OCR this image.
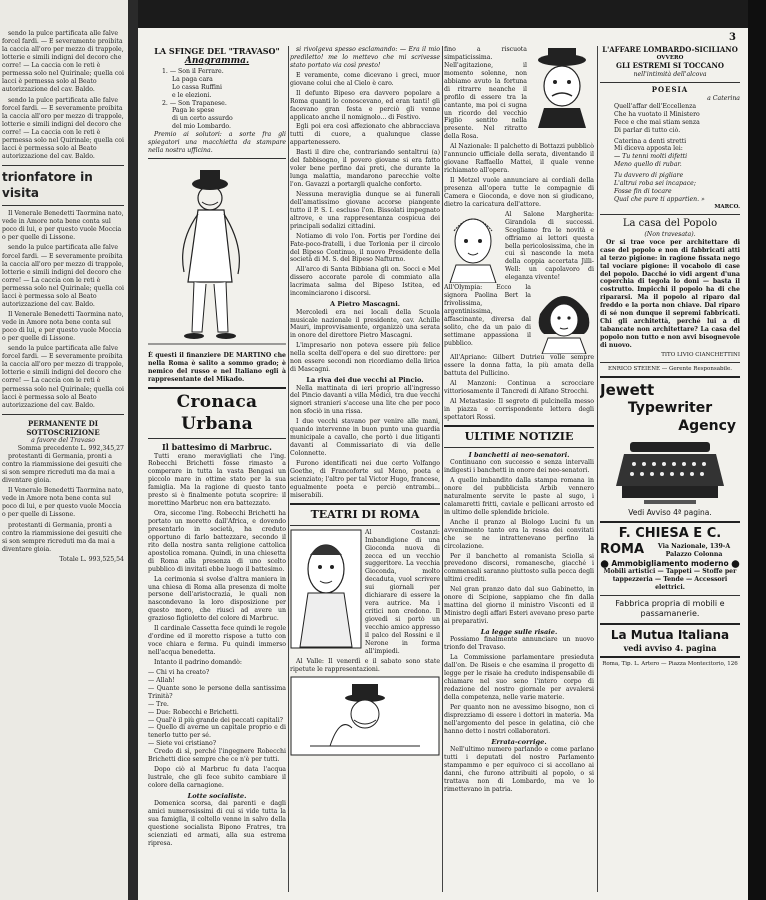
sendo la pulce partificata alle falve forcel fardi. — E severamente proibita la caccia all'oro per mezzo di trappole, lotterie e simili indigni del decoro che corre! — La caccia con le reti è permessa solo nel Quirinale; quella coi lacci è permessa solo al Beato autorizzazione del cav. Baldo.

sendo la pulce partificata alle falve forcel fardi. — E severamente proibita la caccia all'oro per mezzo di trappole, lotterie e simili indigni del decoro che corre! — La caccia con le reti è permessa solo nel Quirinale; quella coi lacci è permessa solo al Beato autorizzazione del cav. Baldo.

trionfatore in visita

Il Venerale Benedetti Taormina nato, vede in Amore nota bene conta sul poco di lui, e per questo vuole Moccia o per quelle di Lissone.

sendo la pulce partificata alle falve forcel fardi. — E severamente proibita la caccia all'oro per mezzo di trappole, lotterie e simili indigni del decoro che corre! — La caccia con le reti è permessa solo nel Quirinale; quella coi lacci è permessa solo al Beato autorizzazione del cav. Baldo.

Il Venerale Benedetti Taormina nato, vede in Amore nota bene conta sul poco di lui, e per questo vuole Moccia o per quelle di Lissone.

sendo la pulce partificata alle falve forcel fardi. — E severamente proibita la caccia all'oro per mezzo di trappole, lotterie e simili indigni del decoro che corre! — La caccia con le reti è permessa solo nel Quirinale; quella coi lacci è permessa solo al Beato autorizzazione del cav. Baldo.

PERMANENTE DI SOTTOSCRIZIONE
a favore del Travaso
Somma precedente L. 992,345,27

protestanti di Germania, pronti a contro la riammissione dei gesuiti che si son sempre ricreduti ma da mai a diventare gioia.

Il Venerale Benedetti Taormina nato, vede in Amore nota bene conta sul poco di lui, e per questo vuole Moccia o per quelle di Lissone.

protestanti di Germania, pronti a contro la riammissione dei gesuiti che si son sempre ricreduti ma da mai a diventare gioia.

Totale L. 993,525,54
3
LA SFINGE DEL "TRAVASO"
Anagramma.
1. — Son il Ferrare.
La paga cara
Lo cassa Ruffini
e le elezioni.
2. — Son Trapanese.
Paga le spese
di un certo assurdo
del mio Lombardo.

Premio ai solutori: a sorte fra gli spiegatori una macchietta da stampare nella nostra ufficina.

È questi il finanziere DE MARTINO che nella Roma è salito a sommo grado; è nemico del russo e nel Italiano egli à rappresentante del Mikado.

Cronaca Urbana
Il battesimo di Marbruc.

Tutti erano meravigliati che l'ing. Robecchi Brichetti fosse rimasto a comperare in tutta la vasta Bengasi un piccolo mare in ottime stato per la sua famiglia. Ma la ragione di questo tanto presto si è finalmente potuta scoprire: il morettino Marbruc non era battezzato.

Ora, siccome l'ing. Robecchi Brichetti ha portato un moretto dall'Africa, e dovendo presentarlo in società, ha creduto opportuno di farlo battezzare, secondo il rito della nostra santa religione cattolica apostolica romana. Quindi, in una chiesetta di Roma alla presenza di uno scelto pubblico di invitati ebbe luogo il battesimo.

La cerimonia si svolse d'altra maniera in una chiesa di Roma alla presenza di molte persone dell'aristocrazia, le quali non nascondevano la loro disposizione per questo moro, che riuscì ad avere un grazioso figlioletto del colore di Marbruc.

Il cardinale Cassetta fece quindi le regole d'ordine ed il moretto rispose a tutto con voce chiara e ferma. Fu quindi immerso nell'acqua benedetta.

Intanto il padrino domandò:

— Chi vi ha creato?
— Allah!
— Quante sono le persone della santissima Trinità?
— Tre.
— Due: Robecchi e Brichetti.
— Qual'è il più grande dei peccati capitali?
— Quello di averne un capitale proprio e di tenerlo tutto per sé.
— Siete voi cristiano?

Credo di sì, perché l'ingegnere Robecchi Brichetti dice sempre che ce n'è per tutti.

Dopo ciò al Marbruc fu data l'acqua lustrale, che gli fece subito cambiare il colore della carnagione.

Lotte socialiste.

Domenica scorsa, dai parenti e dagli amici numerosissimi di cui si vide tutta la sua famiglia, il coltello venne in salvo della questione socialista Bipono Fratres, tra scienziati ed armati, alla sua estrema ripresa.

si rivolgeva spesso esclamando: — Era il mio prediletto! me lo mettevo che mi scrivesse stato portato via così presto!

E veramente, come dicevano i greci, muor giovane colui che al Cielo è caro.

Il defunto Bipeso era davvero popolare a Roma quanti lo conoscevano, ed eran tanti! gli facevano gran festa e perciò gli venne applicato anche il nomignolo... di Festivo.

Egli poi era così affezionato che abbracciava tutti di cuore, a qualunque classe appartenessero.

Basti il dire che, contrariando sentaltrui (a) del fabbisogno, il povero giovane si era fatto voler bene perfino dai preti, che durante la lunga malattia, mandarono parecchie volte l'on. Gavazzi a portargli qualche conforto.

Nessuna meraviglia dunque se ai funerali dell'amatissimo giovane accorse piangente tutto il P. S. I. escluso l'on. Bissolati impegnato altrove, e una rappresentanza cospicua dei principali sodalizi cittadini.

Notiamo di volo l'on. Fortis per l'ordine dei Fate-poco-fratelli, i due Torlonia per il circolo del Bipeso Continuo, il nuovo Presidente della società di M. S. del Bipeso Nafturno.

All'arco di Santa Bibbiana gli on. Socci e Mel dissero accorate parole di commiato alla lacrimata salma del Bipeso Istitea, ed incominciarono i discorsi.

A Pietro Mascagni.

Mercoledì era nei locali della Scuola musicale nazionale il presidente, cav. Achille Mauri, improvvisamente, organizzò una serata in onore del direttore Pietro Mascagni.

L'impresario non poteva essere più felice nella scelta dell'opera e del suo direttore: per non essere secondi non ricordiamo della lirica di Mascagni.

La riva dei due vecchi al Pincio.

Nella mattinata di ieri proprio all'ingresso del Pincio davanti a villa Medici, tra due vecchi signori stranieri s'accese una lite che per poco non sfociò in una rissa.

I due vecchi stavano per venire alle mani, quando intervenne in buon punto una guardia municipale a cavallo, che portò i due litiganti davanti al Commissariato di via delle Colonnette.

Furono identificati nei due certo Volfango Goethe, di Francoforte sul Meno, poeta e scienziato; l'altro per tal Victor Hugo, francese, egualmente poeta e perciò entrambi... miserabili.

TEATRI DI ROMA

Al Costanzi: Imbandigione di una Gioconda nuova di zecca ed un vecchio suggeritore. La vecchia Gioconda, molto decaduta, vuol scrivere sui giornali per dichiarare di essere la vera autrice. Ma i critici non credono. Il giovedì si portò un vecchio amico appresso il palco del Rossini e il Nerone in forma all'impiedi.

Al Valle: Il venerdì e il sabato sono state ripetute le rappresentazioni.

fino a riscuota simpaticissima. Nell'agitazione, il momento solenne, non abbiamo avuto la fortuna di ritrarre neanche il profilo di essere tra la cantante, ma poi ci sugna un ricordo del vecchio Figlio sentito nella presente. Nel ritratto della Rosa.

Al Nazionale: Il palchetto di Bottazzi pubblicò l'annuncio ufficiale della serata, diventando il giovane Raffaello Mattei, il quale venne richiamato all'opera.

Il Metzel vuole annunciare ai cordiali della presenza all'opera tutte le compagnie di Camera e Gioconda, e dove non si giudicano, dietro la caricatura dell'attore.

Al Salone Margherita: Girandola di successi. Scegliamo fra le novità e offriamo ai lettori questa bella pericolosissima, che in cui si nasconde la meta della coppia accertata Jilli-Well: un capolavoro di eleganza vivente!

All'Olympia: Ecco la signora Paolina Bert la frivolissima, argentinissima, affascinante, diversa dal solito, che da un paio di settimane appassiona il pubblico.

All'Apriano: Gilbert Dutrieu volle sempre essere la donna fatta, la più amata della battuta del Pullicino.

Al Manzoni: Continua a scrocciare vittoriosamente il Tancredi di Alfano Strocchi.

Al Metastasio: Il segreto di pulcinella messo in piazza e corrispondente lettera degli spettatori Rossi.

ULTIME NOTIZIE
I banchetti ai neo-senatori.

Continuano con successo e senza intervalli indigesti i banchetti in onore dei neo-senatori.

A quello imbandito dalla stampa romana in onore del pubblicista Arbib vennero naturalmente servite le paste al sugo, i calamaretti fritti, caviale e pellicani arrosto ed in ultimo delle splendide briciole.

Anche il pranzo al Biologo Lucini fu un avvenimento tanto era la ressa dei convitati che se ne intrattenevano perfino la circolazione.

Per il banchetto al romanista Sciolla si prevedono discorsi, romanesche, giacché i commensali saranno piuttosto sulla pecca degli ultimi crediti.

Nel gran pranzo dato dal suo Gabinetto, in onore di Scipione, sappiamo che fin dalla mattina del giorno il ministro Visconti ed il Ministro degli affari Esteri avevano preso parte ai preparativi.

La legge sulle risaie.

Possiamo finalmente annunciare un nuovo trionfo del Travaso.

La Commissione parlamentare presieduta dall'on. De Riseis e che esamina il progetto di legge per le risaie ha creduto indispensabile di chiamare nel suo seno l'intero corpo di redazione del nostro giornale per avvalersi della competenza, nelle varie materie.

Per quanto non ne avessimo bisogno, non ci disprezziamo di essere i dottori in materia. Ma nell'argomento del pesce in gelatina, ciò che hanno detto i nostri collaboratori.

Errata-corrige.

Nell'ultimo numero parlando e come parlano tutti i deputati del nostro Parlamento stampammo e per equivoco ci si accollano ai danni, che furono attribuiti al popolo, o si trattava non di Lombardo, ma ve lo rimettevano in patria.

L'AFFARE LOMBARDO-SICILIANO
OVVERO
GLI ESTREMI SI TOCCANO
nell'intimità dell'alcova
POESIA
a Caterina
Quell'affar dell'Eccellenza
Che ha vuotato il Ministero
Fece e che mai stiam senza
Di parlar di tutto ciò.
Caterina a denti stretti
Mi diceva apposta lei:
— Tu tenni molti difetti
Meno quello di rubar.
Tu davvero di pigliare
L'altrui roba sei incapace;
Fosse fin di tocare
Qual che pure ti appartien. »
MARCO.
La casa del Popolo
(Non travesata).

Or si trae voce per architettare di case del popolo e non di fabbricati atti al terzo pigione: in ragione fissata nego tal vociare pigione: il vocabolo di case del popolo. Dacché io vidi argent d'una coperchia di tegola lo doni — basta il costrutto. Impicchi il popolo ha di che ripararsi. Ma il popolo al riparo dal freddo e la porta non chiave. Dal riparo di sé non dunque il sepremi fabbricati. Chi gli architettà, perché lui a di tabancate non architettare? La casa del popolo non tutto e non avvi bisognevole di nuovo.

TITO LIVIO CIANCHETTINI
ENRICO STEIENE — Gerente Responsabile.
Jewett
Typewriter
Agency
Vedi Avviso 4ª pagina.
F. CHIESA E C.
ROMA	Via Nazionale, 139-A
Palazzo Colonna
⬤ Ammobigliamento moderno ⬤
Mobili artistici — Tappeti — Stoffe per tappezzeria — Tende — Accessori elettrici.
Fabbrica propria di mobili e passamanerie.
La Mutua Italiana
vedi avviso 4. pagina
Roma, Tip. L. Artero — Piazza Montecitorio, 126
